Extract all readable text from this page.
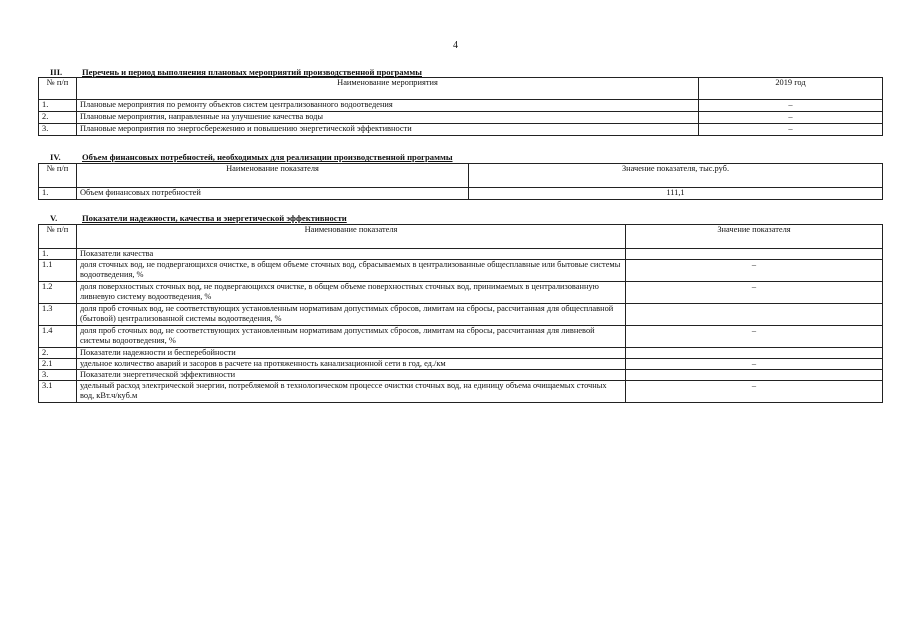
4
III. Перечень и период выполнения плановых мероприятий производственной программы
№ п/п	Наименование мероприятия	2019 год
1.	Плановые мероприятия по ремонту объектов систем централизованного водоотведения	–
2.	Плановые мероприятия, направленные на улучшение качества воды	–
3.	Плановые мероприятия по энергосбережению и повышению энергетической эффективности	–
IV. Объем финансовых потребностей, необходимых для реализации производственной программы
№ п/п	Наименование показателя	Значение показателя, тыс.руб.
1.	Объем финансовых потребностей	111,1
V.	Показатели надежности, качества и энергетической эффективности
№ п/п	Наименование показателя	Значение показателя
1.	Показатели качества	
1.1	доля сточных вод, не подвергающихся очистке, в общем объеме сточных вод, сбрасываемых в централизованные общесплавные или бытовые системы водоотведения, %	–
1.2	доля поверхностных сточных вод, не подвергающихся очистке, в общем объеме поверхностных сточных вод, принимаемых в централизованную ливневую систему водоотведения, %	–
1.3	доля проб сточных вод, не соответствующих установленным нормативам допустимых сбросов, лимитам на сбросы, рассчитанная для общесплавной (бытовой) централизованной системы водоотведения, %	
1.4	доля проб сточных вод, не соответствующих установленным нормативам допустимых сбросов, лимитам на сбросы, рассчитанная для ливневой системы водоотведения, %	–
2.	Показатели надежности и бесперебойности	
2.1	удельное количество аварий и засоров в расчете на протяженность канализационной сети в год, ед./км	–
3.	Показатели энергетической эффективности	
3.1	удельный расход электрической энергии, потребляемой в технологическом процессе очистки сточных вод, на единицу объема очищаемых сточных вод, кВт.ч/куб.м	–
